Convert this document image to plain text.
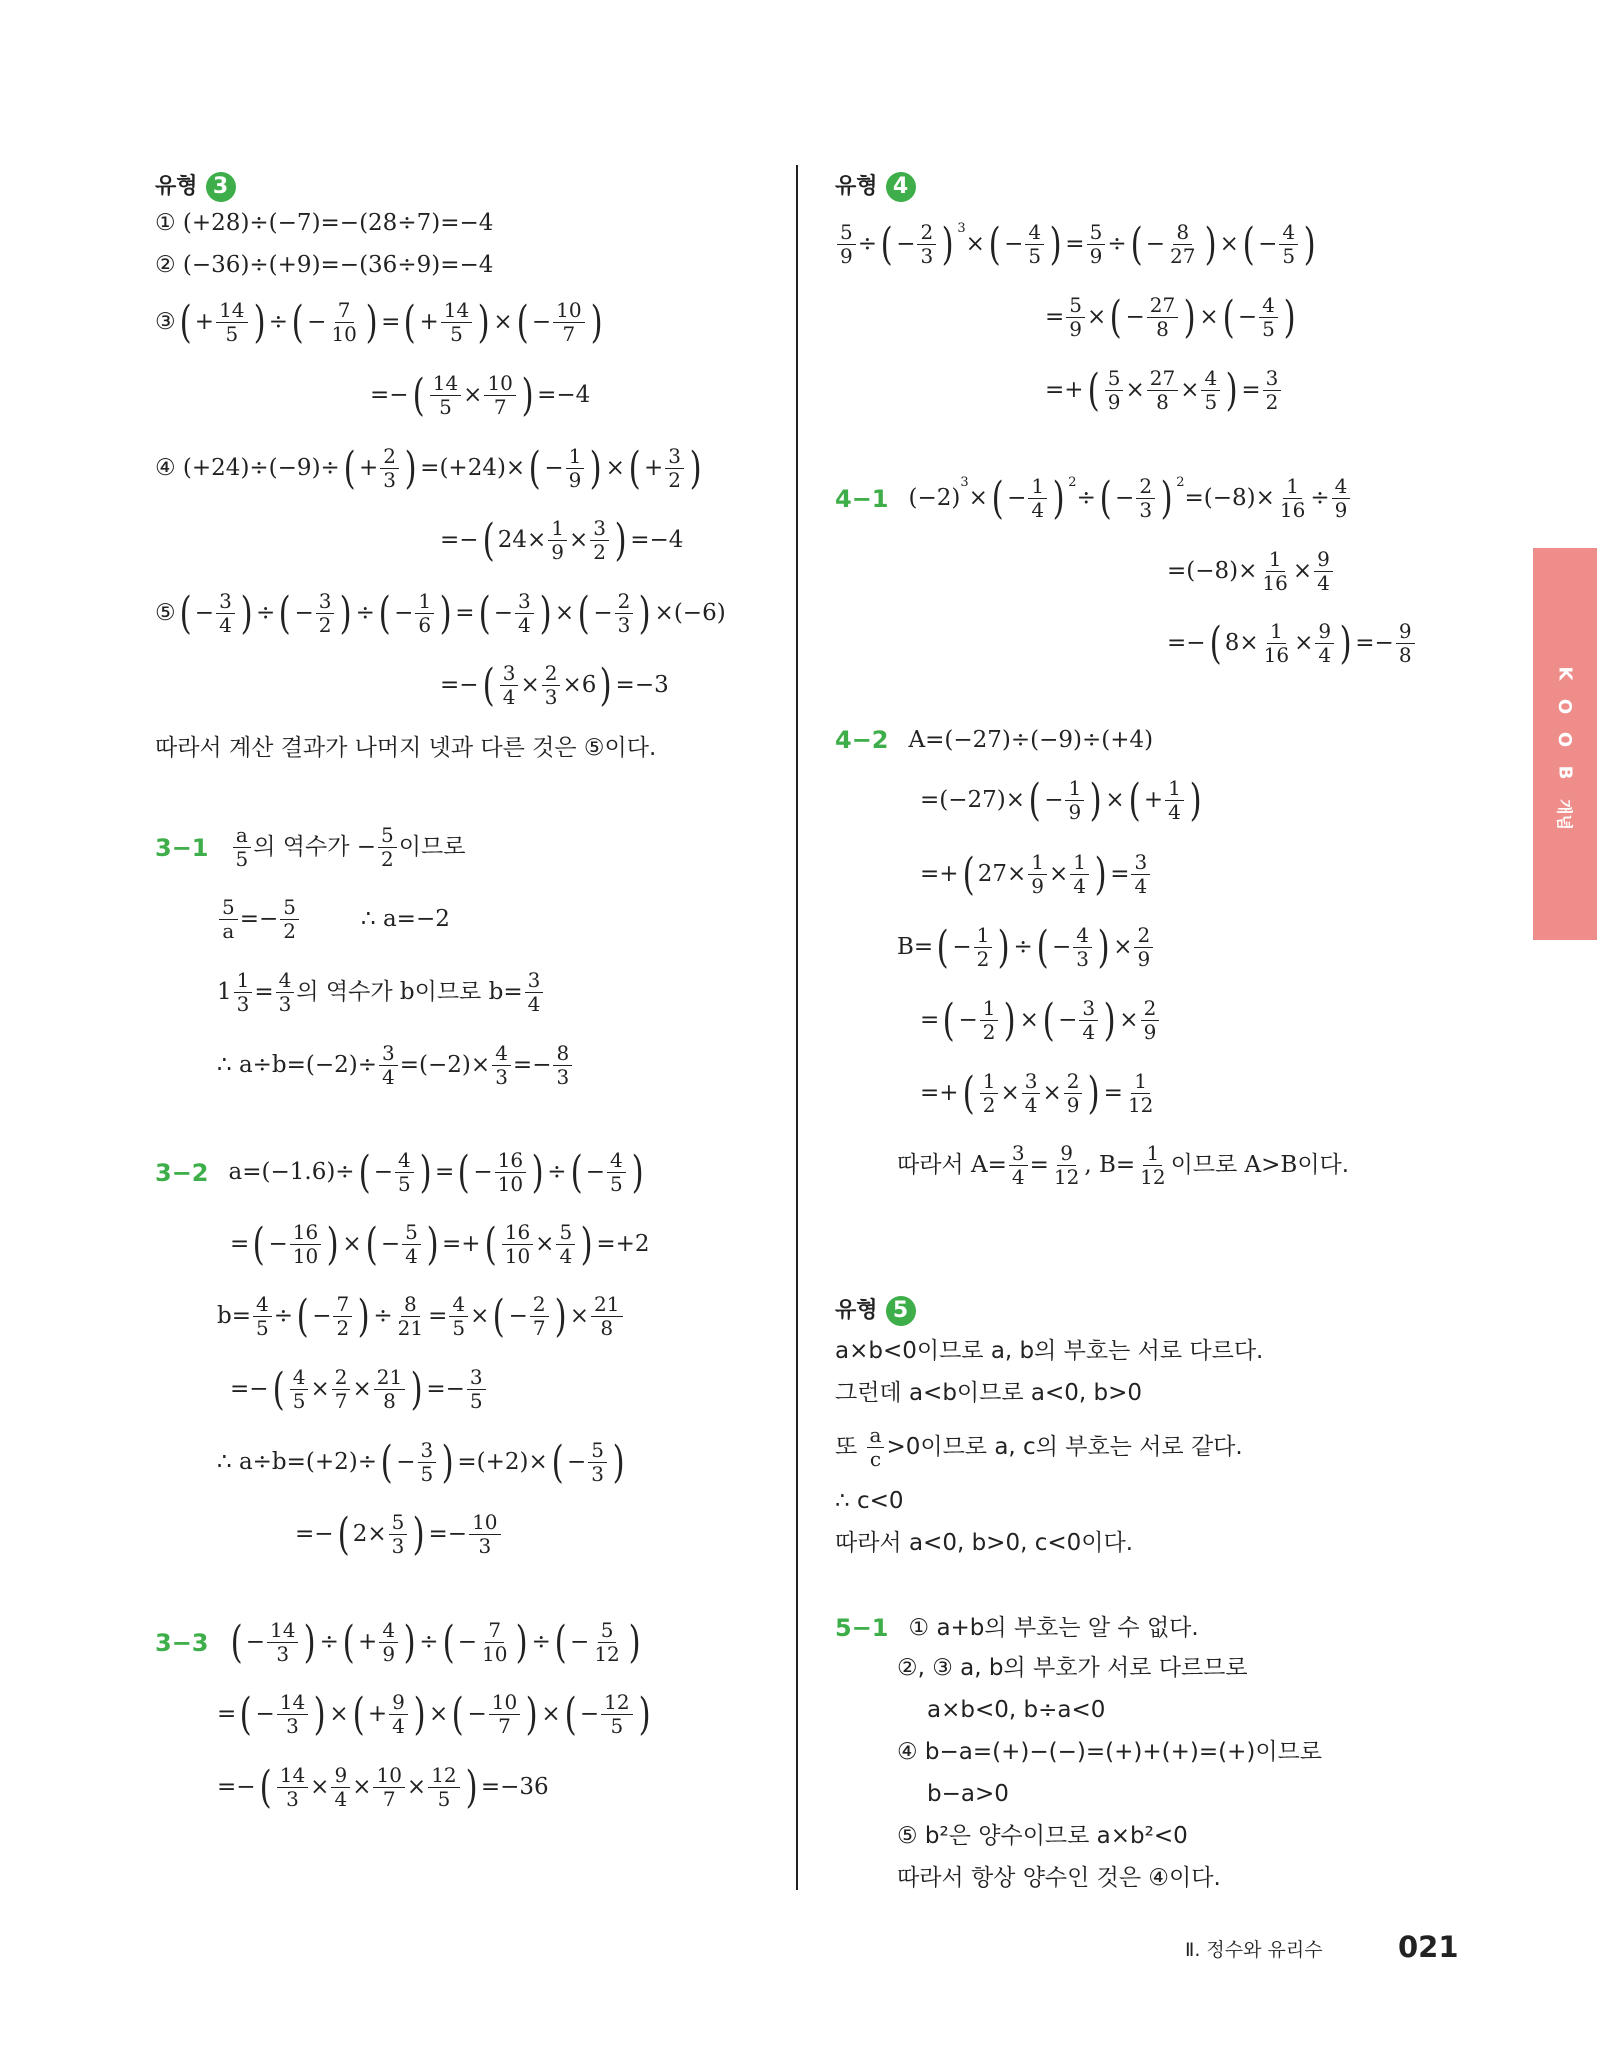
유형 3
① (+28)÷(−7)=−(28÷7)=−4
② (−36)÷(+9)=−(36÷9)=−4
③ ( + $\frac{14}{5}$ ) ÷ ( − $\frac{7}{10}$ ) = ( + $\frac{14}{5}$ ) × ( − $\frac{10}{7}$ )
=− ( $\frac{14}{5} \times \frac{10}{7}$ ) =−4
④ (+24)÷(−9)÷ ( + $\frac{2}{3}$ ) =(+24)× ( − $\frac{1}{9}$ ) × ( + $\frac{3}{2}$ )
=− ( $24\times \frac{1}{9} \times \frac{3}{2}$ ) =−4
⑤ ( − $\frac{3}{4}$ ) ÷ ( − $\frac{3}{2}$ ) ÷ ( − $\frac{1}{6}$ ) = ( − $\frac{3}{4}$ ) × ( − $\frac{2}{3}$ ) ×(−6)
=− ( $\frac{3}{4} \times \frac{2}{3} \times 6$ ) =−3
따라서 계산 결과가 나머지 넷과 다른 것은 ⑤이다.
$3-1 \frac{a}{5}$ 의 역수가 − $\frac{5}{2}$ 이므로
$\frac{5}{a} =- \frac{5}{2}$	∴ a=−2
$1 \frac{1}{3} = \frac{4}{3}$ 의 역수가 b 이므로 $b= \frac{3}{4}$
∴ $a\div b=(-2)\div \frac{3}{4} =(-2)\times \frac{4}{3} =- \frac{8}{3}$
3−2 a=(−1.6)÷ ( − $\frac{4}{5}$ ) = ( − $\frac{16}{10}$ ) ÷ ( − $\frac{4}{5}$ )
= ( − $\frac{16}{10}$ ) × ( − $\frac{5}{4}$ ) =+ ( $\frac{16}{10} \times \frac{5}{4}$ ) =+2
$b= \frac{4}{5}$ ÷ ( − $\frac{7}{2}$ ) ÷ $\frac{8}{21} = \frac{4}{5}$ × ( − $\frac{2}{7}$ ) × $\frac{21}{8}$
=− ( $\frac{4}{5} \times \frac{2}{7} \times \frac{21}{8}$ ) =− $\frac{3}{5}$
∴ a÷b=(+2)÷ ( − $\frac{3}{5}$ ) =(+2)× ( − $\frac{5}{3}$ )
=− ( $2\times \frac{5}{3}$ ) =− $\frac{10}{3}$
3−3 ( − $\frac{14}{3}$ ) ÷ ( + $\frac{4}{9}$ ) ÷ ( − $\frac{7}{10}$ ) ÷ ( − $\frac{5}{12}$ )
= ( − $\frac{14}{3}$ ) × ( + $\frac{9}{4}$ ) × ( − $\frac{10}{7}$ ) × ( − $\frac{12}{5}$ )
=− ( $\frac{14}{3} \times \frac{9}{4} \times \frac{10}{7} \times \frac{12}{5}$ ) =−36
유형 4
$\frac{5}{9}$ ÷ ( − $\frac{2}{3}$ ) $^3$
× ( − $\frac{4}{5}$ ) = $\frac{5}{9}$ ÷ ( − $\frac{8}{27}$ ) × ( − $\frac{4}{5}$ )
= $\frac{5}{9}$ × ( − $\frac{27}{8}$ ) × ( − $\frac{4}{5}$ )
=+ ( $\frac{5}{9} \times \frac{27}{8} \times \frac{4}{5}$ ) = $\frac{3}{2}$
4−1 (−2)
$^3$
× ( − $\frac{1}{4}$ ) $^2$
÷ ( − $\frac{2}{3}$ ) $^2$
$=(-8)\times \frac{1}{16} \div \frac{4}{9}$
$=(-8)\times \frac{1}{16} \times \frac{9}{4}$
=− ( $8\times \frac{1}{16} \times \frac{9}{4}$ ) =− $\frac{9}{8}$
4−2 A=(−27)÷(−9)÷(+4)
=(−27)× ( − $\frac{1}{9}$ ) × ( + $\frac{1}{4}$ )
=+ ( $27\times \frac{1}{9} \times \frac{1}{4}$ ) = $\frac{3}{4}$
B= ( − $\frac{1}{2}$ ) ÷ ( − $\frac{4}{3}$ ) × $\frac{2}{9}$
= ( − $\frac{1}{2}$ ) × ( − $\frac{3}{4}$ ) × $\frac{2}{9}$
=+ ( $\frac{1}{2} \times \frac{3}{4} \times \frac{2}{9}$ ) = $\frac{1}{12}$
따라서 $A= \frac{3}{4} = \frac{9}{12}$ , $B= \frac{1}{12}$ 이므로 A>B 이다.
유형 5
a×b<0이므로 a, b의 부호는 서로 다르다.
그런데 a<b이므로 a<0, b>0
또
$\frac{a}{c} >0$이므로 a, c의 부호는 서로 같다.
∴ c<0
따라서 a<0, b>0, c<0이다.
5−1 ① a+b의 부호는 알 수 없다.
②, ③ a, b의 부호가 서로 다르므로
a×b<0, b÷a<0
④ b−a=(+)−(−)=(+)+(+)=(+)이므로
b−a>0
⑤ b²은 양수이므로 a×b²<0
따라서 항상 양수인 것은 ④이다.
K
O
O
B
개념
Ⅱ. 정수와 유리수	021
